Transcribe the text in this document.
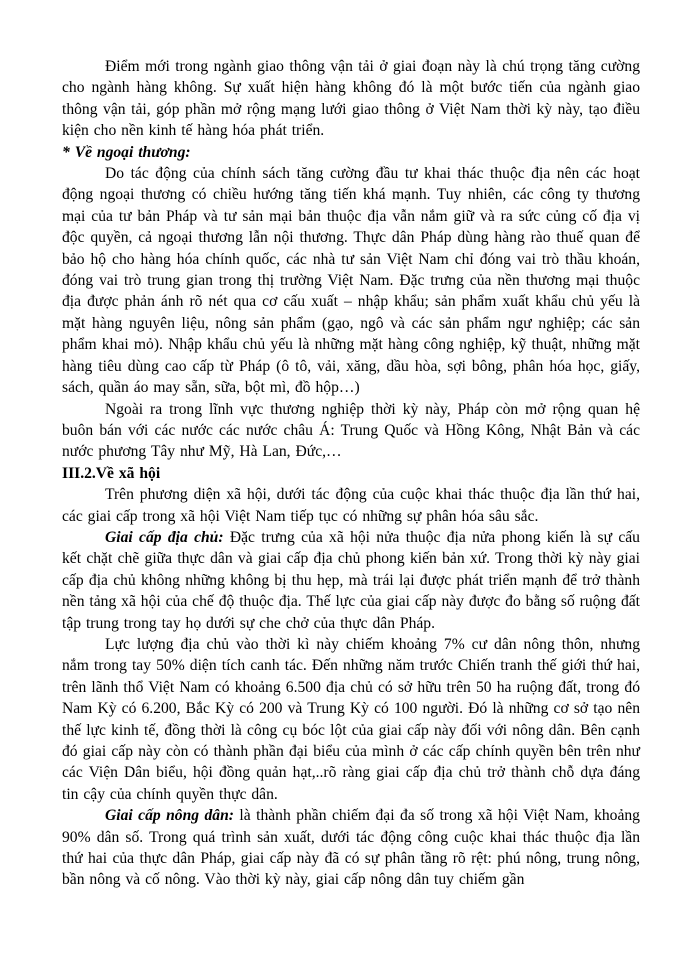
Điểm mới trong ngành giao thông vận tải ở giai đoạn này là chú trọng tăng cường cho ngành hàng không. Sự xuất hiện hàng không đó là một bước tiến của ngành giao thông vận tải, góp phần mở rộng mạng lưới giao thông ở Việt Nam thời kỳ này, tạo điều kiện cho nền kinh tế hàng hóa phát triển.

* Về ngoại thương:

Do tác động của chính sách tăng cường đầu tư khai thác thuộc địa nên các hoạt động ngoại thương có chiều hướng tăng tiến khá mạnh. Tuy nhiên, các công ty thương mại của tư bản Pháp và tư sản mại bản thuộc địa vẫn nắm giữ và ra sức củng cố địa vị độc quyền, cả ngoại thương lẫn nội thương. Thực dân Pháp dùng hàng rào thuế quan để bảo hộ cho hàng hóa chính quốc, các nhà tư sản Việt Nam chỉ đóng vai trò thầu khoán, đóng vai trò trung gian trong thị trường Việt Nam. Đặc trưng của nền thương mại thuộc địa được phản ánh rõ nét qua cơ cấu xuất – nhập khẩu; sản phẩm xuất khẩu chủ yếu là mặt hàng nguyên liệu, nông sản phẩm (gạo, ngô và các sản phẩm ngư nghiệp; các sản phẩm khai mỏ). Nhập khẩu chủ yếu là những mặt hàng công nghiệp, kỹ thuật, những mặt hàng tiêu dùng cao cấp từ Pháp (ô tô, vải, xăng, dầu hòa, sợi bông, phân hóa học, giấy, sách, quần áo may sẵn, sữa, bột mì, đồ hộp…)

Ngoài ra trong lĩnh vực thương nghiệp thời kỳ này, Pháp còn mở rộng quan hệ buôn bán với các nước các nước châu Á: Trung Quốc và Hồng Kông, Nhật Bản và các nước phương Tây như Mỹ, Hà Lan, Đức,…

III.2.Về xã hội

Trên phương diện xã hội, dưới tác động của cuộc khai thác thuộc địa lần thứ hai, các giai cấp trong xã hội Việt Nam tiếp tục có những sự phân hóa sâu sắc.

Giai cấp địa chủ: Đặc trưng của xã hội nửa thuộc địa nửa phong kiến là sự cấu kết chặt chẽ giữa thực dân và giai cấp địa chủ phong kiến bản xứ. Trong thời kỳ này giai cấp địa chủ không những không bị thu hẹp, mà trái lại được phát triển mạnh để trở thành nền tảng xã hội của chế độ thuộc địa. Thế lực của giai cấp này được đo bằng số ruộng đất tập trung trong tay họ dưới sự che chở của thực dân Pháp.

Lực lượng địa chủ vào thời kì này chiếm khoảng 7% cư dân nông thôn, nhưng nắm trong tay 50% diện tích canh tác. Đến những năm trước Chiến tranh thế giới thứ hai, trên lãnh thổ Việt Nam có khoảng 6.500 địa chủ có sở hữu trên 50 ha ruộng đất, trong đó Nam Kỳ có 6.200, Bắc Kỳ có 200 và Trung Kỳ có 100 người. Đó là những cơ sở tạo nên thế lực kinh tế, đồng thời là công cụ bóc lột của giai cấp này đối với nông dân. Bên cạnh đó giai cấp này còn có thành phần đại biểu của mình ở các cấp chính quyền bên trên như các Viện Dân biểu, hội đồng quản hạt,..rõ ràng giai cấp địa chủ trở thành chỗ dựa đáng tin cậy của chính quyền thực dân.

Giai cấp nông dân: là thành phần chiếm đại đa số trong xã hội Việt Nam, khoảng 90% dân số. Trong quá trình sản xuất, dưới tác động công cuộc khai thác thuộc địa lần thứ hai của thực dân Pháp, giai cấp này đã có sự phân tầng rõ rệt: phú nông, trung nông, bần nông và cố nông. Vào thời kỳ này, giai cấp nông dân tuy chiếm gần
